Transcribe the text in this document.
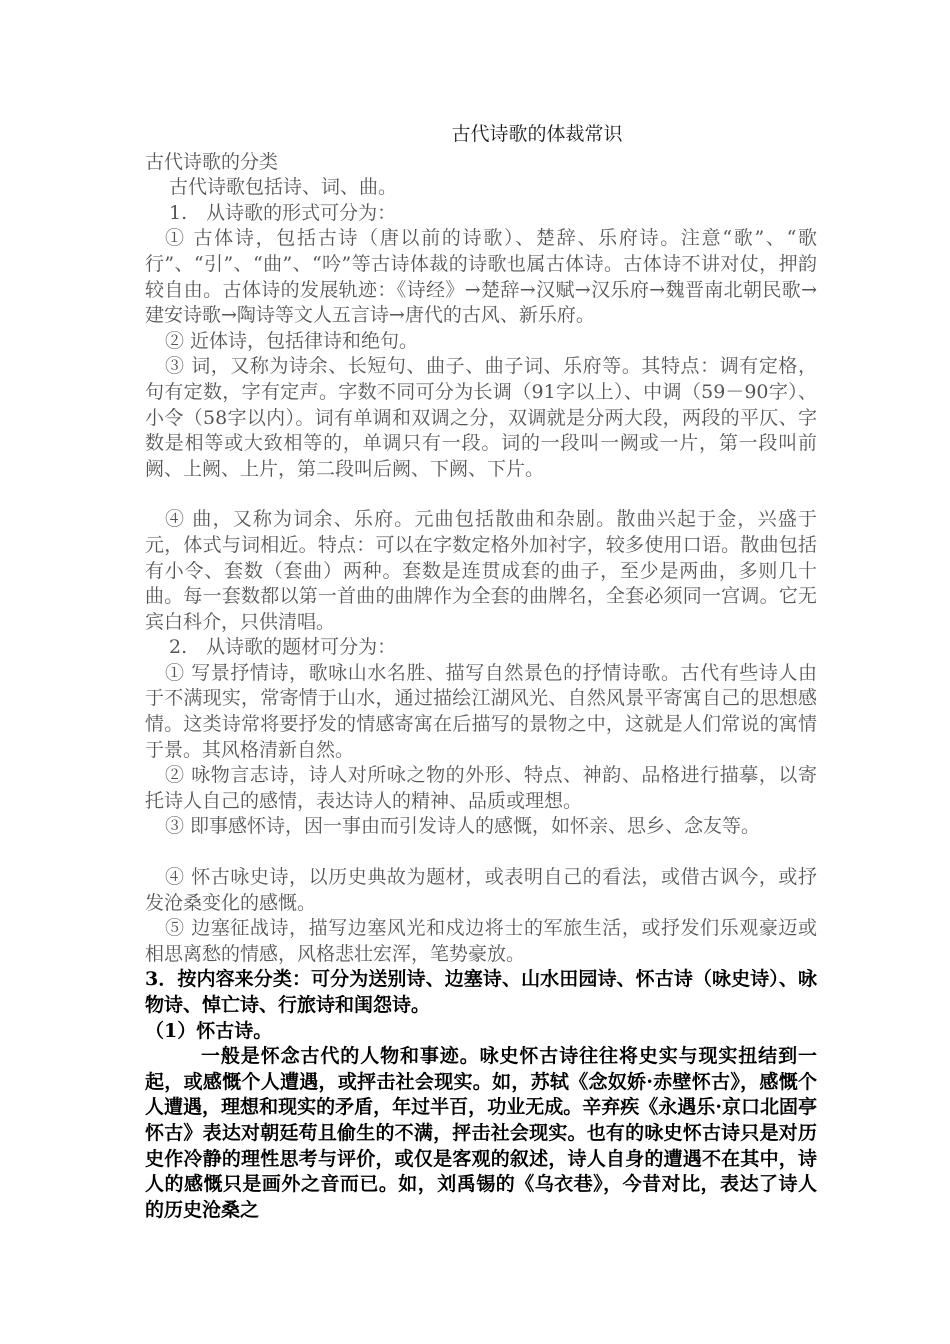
古代诗歌的体裁常识

古代诗歌的分类

古代诗歌包括诗、词、曲。

1.　从诗歌的形式可分为：

① 古体诗，包括古诗（唐以前的诗歌）、楚辞、乐府诗。注意“歌”、“歌行”、“引”、“曲”、“吟”等古诗体裁的诗歌也属古体诗。古体诗不讲对仗，押韵较自由。古体诗的发展轨迹：《诗经》→楚辞→汉赋→汉乐府→魏晋南北朝民歌→建安诗歌→陶诗等文人五言诗→唐代的古风、新乐府。

② 近体诗，包括律诗和绝句。

③ 词，又称为诗余、长短句、曲子、曲子词、乐府等。其特点：调有定格，句有定数，字有定声。字数不同可分为长调（91字以上）、中调（59－90字）、小令（58字以内）。词有单调和双调之分，双调就是分两大段，两段的平仄、字数是相等或大致相等的，单调只有一段。词的一段叫一阙或一片，第一段叫前阙、上阙、上片，第二段叫后阙、下阙、下片。

④ 曲，又称为词余、乐府。元曲包括散曲和杂剧。散曲兴起于金，兴盛于元，体式与词相近。特点：可以在字数定格外加衬字，较多使用口语。散曲包括有小令、套数（套曲）两种。套数是连贯成套的曲子，至少是两曲，多则几十曲。每一套数都以第一首曲的曲牌作为全套的曲牌名，全套必须同一宫调。它无宾白科介，只供清唱。

2.　从诗歌的题材可分为：

① 写景抒情诗，歌咏山水名胜、描写自然景色的抒情诗歌。古代有些诗人由于不满现实，常寄情于山水，通过描绘江湖风光、自然风景平寄寓自己的思想感情。这类诗常将要抒发的情感寄寓在后描写的景物之中，这就是人们常说的寓情于景。其风格清新自然。

② 咏物言志诗，诗人对所咏之物的外形、特点、神韵、品格进行描摹，以寄托诗人自己的感情，表达诗人的精神、品质或理想。

③ 即事感怀诗，因一事由而引发诗人的感慨，如怀亲、思乡、念友等。

④ 怀古咏史诗，以历史典故为题材，或表明自己的看法，或借古讽今，或抒发沧桑变化的感慨。

⑤ 边塞征战诗，描写边塞风光和戍边将士的军旅生活，或抒发们乐观豪迈或相思离愁的情感，风格悲壮宏浑，笔势豪放。

3．按内容来分类：可分为送别诗、边塞诗、山水田园诗、怀古诗（咏史诗）、咏物诗、悼亡诗、行旅诗和闺怨诗。

（1）怀古诗。

一般是怀念古代的人物和事迹。咏史怀古诗往往将史实与现实扭结到一起，或感慨个人遭遇，或抨击社会现实。如，苏轼《念奴娇·赤壁怀古》，感慨个人遭遇，理想和现实的矛盾，年过半百，功业无成。辛弃疾《永遇乐·京口北固亭怀古》表达对朝廷苟且偷生的不满，抨击社会现实。也有的咏史怀古诗只是对历史作冷静的理性思考与评价，或仅是客观的叙述，诗人自身的遭遇不在其中，诗人的感慨只是画外之音而已。如，刘禹锡的《乌衣巷》，今昔对比，表达了诗人的历史沧桑之
